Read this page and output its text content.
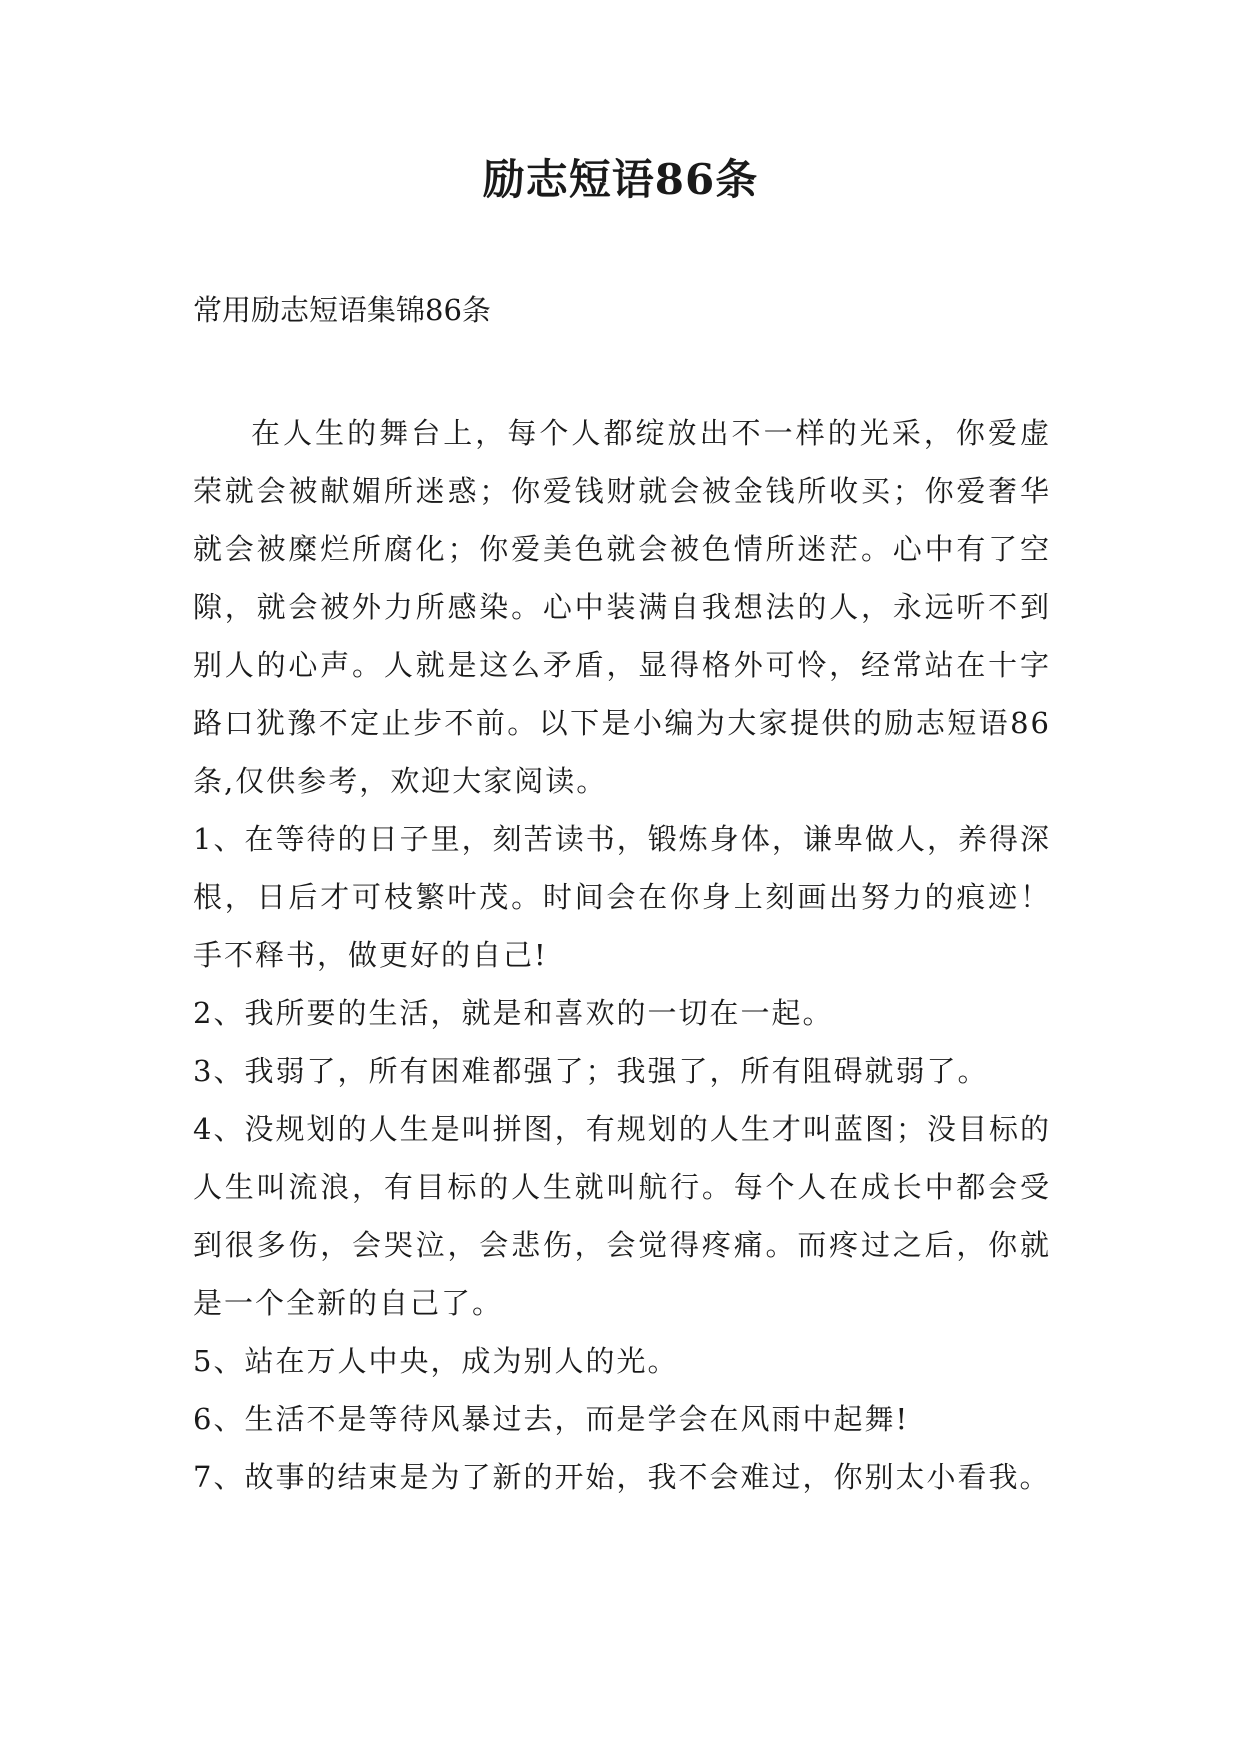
励志短语86条
常用励志短语集锦86条

在人生的舞台上，每个人都绽放出不一样的光采，你爱虚荣就会被献媚所迷惑；你爱钱财就会被金钱所收买；你爱奢华就会被糜烂所腐化；你爱美色就会被色情所迷茫。心中有了空隙，就会被外力所感染。心中装满自我想法的人，永远听不到别人的心声。人就是这么矛盾，显得格外可怜，经常站在十字路口犹豫不定止步不前。以下是小编为大家提供的励志短语86条,仅供参考，欢迎大家阅读。

1、在等待的日子里，刻苦读书，锻炼身体，谦卑做人，养得深根，日后才可枝繁叶茂。时间会在你身上刻画出努力的痕迹！手不释书，做更好的自己!

2、我所要的生活，就是和喜欢的一切在一起。

3、我弱了，所有困难都强了；我强了，所有阻碍就弱了。

4、没规划的人生是叫拼图，有规划的人生才叫蓝图；没目标的人生叫流浪，有目标的人生就叫航行。每个人在成长中都会受到很多伤，会哭泣，会悲伤，会觉得疼痛。而疼过之后，你就是一个全新的自己了。

5、站在万人中央，成为别人的光。

6、生活不是等待风暴过去，而是学会在风雨中起舞!

7、故事的结束是为了新的开始，我不会难过，你别太小看我。
